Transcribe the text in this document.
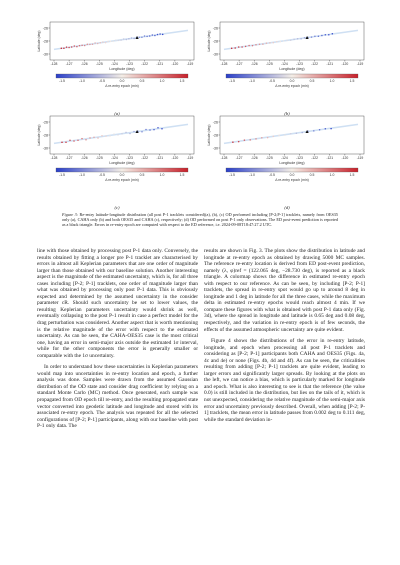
-26
-28
-30
Latitude (deg)
-128 -127 -126 -125 -124 -123 -122 -121 -120 -119
Longitude (deg)
-1.5	-1.0	-0.5	0.0	0.5	1.0	1.5
Δ re-entry epoch (min)
(a)
-26
-28
-30
Latitude (deg)
-128 -127 -126 -125 -124 -123 -122 -121 -120 -119
Longitude (deg)
-1.5	-1.0	-0.5	0.0	0.5	1.0	1.5
Δ re-entry epoch (min)
(b)
-26
-28
-30
Latitude (deg)
-128 -127 -126 -125 -124 -123 -122 -121 -120 -119
Longitude (deg)
-1.5	-1.0	-0.5	0.0	0.5	1.0	1.5
Δ re-entry epoch (min)
(c)
-26
-28
-30
Latitude (deg)
-128 -127 -126 -125 -124 -123 -122 -121 -120 -119
Longitude (deg)
-1.5	-1.0	-0.5	0.0	0.5	1.0	1.5
Δ re-entry epoch (min)
(d)
Figure 3: Re-entry latitude-longitude distribution (all post P-1 tracklets considered)(a), (b), (c) OD performed including [P-2;P-1] tracklets, namely from OES35 only (a), CAHA only (b) and both OES35 and CAHA (c), respectively; (d) OD performed on post P-1 only observations. The ED post-event prediction is reported as a black triangle. Errors in re-entry epoch are computed with respect to the ED reference, i.e. 2024-09-08T18:47:27.2 UTC.

line with those obtained by processing post P-1 data only. Conversely, the results obtained by fitting a longer pre P-1 tracklet are characterised by errors in almost all Keplerian parameters that are one order of magnitude larger than those obtained with our baseline solution. Another interesting aspect is the magnitude of the estimated uncertainty, which is, for all three cases including [P-2; P-1] tracklets, one order of magnitude larger than what was obtained by processing only post P-1 data. This is obviously expected and determined by the assumed uncertainty in the consider parameter cR. Should such uncertainty be set to lower values, the resulting Keplerian parameters uncertainty would shrink as well, eventually collapsing to the post P-1 result in case a perfect model for the drag perturbation was considered. Another aspect that is worth mentioning is the relative magnitude of the error with respect to the estimated uncertainty. As can be seen, the CAHA-OES35 case is the most critical one, having an error in semi-major axis outside the estimated 1σ interval, while for the other components the error is generally smaller or comparable with the 1σ uncertainty.

In order to understand how these uncertainties in Keplerian parameters would map into uncertainties in re-entry location and epoch, a further analysis was done. Samples were drawn from the assumed Gaussian distribution of the OD state and consider drag coefficient by relying on a standard Monte Carlo (MC) method. Once generated, each sample was propagated from OD epoch till re-entry, and the resulting propagated state vector converted into geodetic latitude and longitude and stored with its associated re-entry epoch. The analysis was repeated for all the selected configurations of [P-2; P-1] participants, along with our baseline with post P-1 only data. The

results are shown in Fig. 3. The plots show the distribution in latitude and longitude at re-entry epoch as obtained by drawing 5000 MC samples. The reference re-entry location is derived from ED post-event prediction, namely (λ, φ)ref = (122.065 deg, −28.730 deg), is reported as a black triangle. A colormap shows the difference in estimated re-entry epoch with respect to our reference. As can be seen, by including [P-2; P-1] tracklets, the spread in re-entry spot would go up to around 8 deg in longitude and 1 deg in latitude for all the three cases, while the maximum delta in estimated re-entry epochs would reach almost 4 min. If we compare these figures with what is obtained with post P-1 data only (Fig. 3d), where the spread in longitude and latitude is 0.65 deg and 0.08 deg, respectively, and the variation in re-entry epoch is of few seconds, the effects of the assumed atmospheric uncertainty are quite evident.

Figure 4 shows the distributions of the error in re-entry latitude, longitude, and epoch when processing all post P-1 tracklets and considering as [P-2; P-1] participants both CAHA and OES35 (Figs. 4a, 4c and 4e) or none (Figs. 4b, 4d and 4f). As can be seen, the criticalities resulting from adding [P-2; P-1] tracklets are quite evident, leading to larger errors and significantly larger spreads. By looking at the plots on the left, we can notice a bias, which is particularly marked for longitude and epoch. What is also interesting to see is that the reference (the value 0.0) is still included in the distribution, but lies on the tails of it, which is not unexpected, considering the relative magnitude of the semi-major axis error and uncertainty previously described. Overall, when adding [P-2; P-1] tracklets, the mean error in latitude passes from 0.002 deg to 0.111 deg, while the standard deviation in-
